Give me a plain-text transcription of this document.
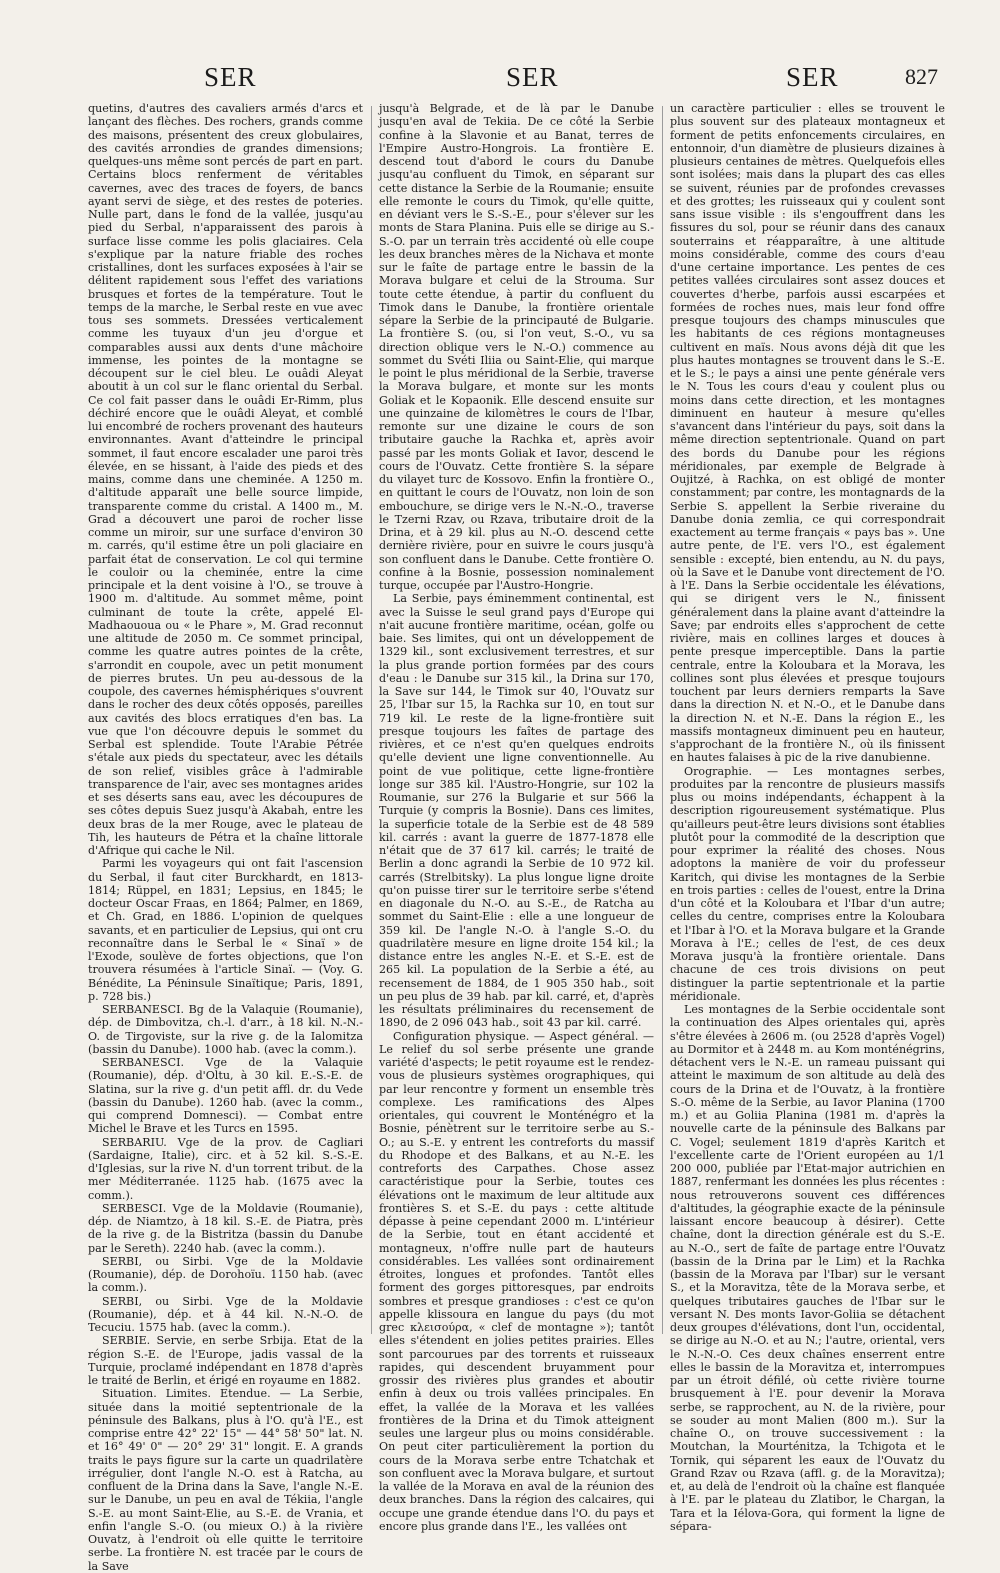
SER	SER	SER	827

quetins, d'autres des cavaliers armés d'arcs et lançant des flèches. Des rochers, grands comme des maisons, présentent des creux globulaires, des cavités arrondies de grandes dimensions; quelques-uns même sont percés de part en part. Certains blocs renferment de véritables cavernes, avec des traces de foyers, de bancs ayant servi de siège, et des restes de poteries. Nulle part, dans le fond de la vallée, jusqu'au pied du Serbal, n'apparaissent des parois à surface lisse comme les polis glaciaires. Cela s'explique par la nature friable des roches cristallines, dont les surfaces exposées à l'air se délitent rapidement sous l'effet des variations brusques et fortes de la température. Tout le temps de la marche, le Serbal reste en vue avec tous ses sommets. Dressées verticalement comme les tuyaux d'un jeu d'orgue et comparables aussi aux dents d'une mâchoire immense, les pointes de la montagne se découpent sur le ciel bleu. Le ouâdi Aleyat aboutit à un col sur le flanc oriental du Serbal. Ce col fait passer dans le ouâdi Er-Rimm, plus déchiré encore que le ouâdi Aleyat, et comblé lui encombré de rochers provenant des hauteurs environnantes. Avant d'atteindre le principal sommet, il faut encore escalader une paroi très élevée, en se hissant, à l'aide des pieds et des mains, comme dans une cheminée. A 1250 m. d'altitude apparaît une belle source limpide, transparente comme du cristal. A 1400 m., M. Grad a découvert une paroi de rocher lisse comme un miroir, sur une surface d'environ 30 m. carrés, qu'il estime être un poli glaciaire en parfait état de conservation. Le col qui termine le couloir ou la cheminée, entre la cime principale et la dent voisine à l'O., se trouve à 1900 m. d'altitude. Au sommet même, point culminant de toute la crête, appelé El-Madhaououa ou « le Phare », M. Grad reconnut une altitude de 2050 m. Ce sommet principal, comme les quatre autres pointes de la crête, s'arrondit en coupole, avec un petit monument de pierres brutes. Un peu au-dessous de la coupole, des cavernes hémisphériques s'ouvrent dans le rocher des deux côtés opposés, pareilles aux cavités des blocs erratiques d'en bas. La vue que l'on découvre depuis le sommet du Serbal est splendide. Toute l'Arabie Pétrée s'étale aux pieds du spectateur, avec les détails de son relief, visibles grâce à l'admirable transparence de l'air, avec ses montagnes arides et ses déserts sans eau, avec les découpures de ses côtes depuis Suez jusqu'à Akabah, entre les deux bras de la mer Rouge, avec le plateau de Tih, les hauteurs de Pétra et la chaîne littorale d'Afrique qui cache le Nil.

Parmi les voyageurs qui ont fait l'ascension du Serbal, il faut citer Burckhardt, en 1813-1814; Rüppel, en 1831; Lepsius, en 1845; le docteur Oscar Fraas, en 1864; Palmer, en 1869, et Ch. Grad, en 1886. L'opinion de quelques savants, et en particulier de Lepsius, qui ont cru reconnaître dans le Serbal le « Sinaï » de l'Exode, soulève de fortes objections, que l'on trouvera résumées à l'article Sinaï. — (Voy. G. Bénédite, La Péninsule Sinaïtique; Paris, 1891, p. 728 bis.)

SERBANESCI. Bg de la Valaquie (Roumanie), dép. de Dimbovitza, ch.-l. d'arr., à 18 kil. N.-N.-O. de Tirgoviste, sur la rive g. de la Ialomitza (bassin du Danube). 1000 hab. (avec la comm.).

SERBANESCI. Vge de la Valaquie (Roumanie), dép. d'Oltu, à 30 kil. E.-S.-E. de Slatina, sur la rive g. d'un petit affl. dr. du Vede (bassin du Danube). 1260 hab. (avec la comm., qui comprend Domnesci). — Combat entre Michel le Brave et les Turcs en 1595.

SERBARIU. Vge de la prov. de Cagliari (Sardaigne, Italie), circ. et à 52 kil. S.-S.-E. d'Iglesias, sur la rive N. d'un torrent tribut. de la mer Méditerranée. 1125 hab. (1675 avec la comm.).

SERBESCI. Vge de la Moldavie (Roumanie), dép. de Niamtzo, à 18 kil. S.-E. de Piatra, près de la rive g. de la Bistritza (bassin du Danube par le Sereth). 2240 hab. (avec la comm.).

SERBI, ou Sirbi. Vge de la Moldavie (Roumanie), dép. de Dorohoïu. 1150 hab. (avec la comm.).

SERBI, ou Sirbi. Vge de la Moldavie (Roumanie), dép. et à 44 kil. N.-N.-O. de Tecuciu. 1575 hab. (avec la comm.).

SERBIE. Servie, en serbe Srbija. Etat de la région S.-E. de l'Europe, jadis vassal de la Turquie, proclamé indépendant en 1878 d'après le traité de Berlin, et érigé en royaume en 1882.

Situation. Limites. Etendue. — La Serbie, située dans la moitié septentrionale de la péninsule des Balkans, plus à l'O. qu'à l'E., est comprise entre 42° 22' 15" — 44° 58' 50" lat. N. et 16° 49' 0" — 20° 29' 31" longit. E. A grands traits le pays figure sur la carte un quadrilatère irrégulier, dont l'angle N.-O. est à Ratcha, au confluent de la Drina dans la Save, l'angle N.-E. sur le Danube, un peu en aval de Tékiia, l'angle S.-E. au mont Saint-Elie, au S.-E. de Vrania, et enfin l'angle S.-O. (ou mieux O.) à la rivière Ouvatz, à l'endroit où elle quitte le territoire serbe. La frontière N. est tracée par le cours de la Save

jusqu'à Belgrade, et de là par le Danube jusqu'en aval de Tekiia. De ce côté la Serbie confine à la Slavonie et au Banat, terres de l'Empire Austro-Hongrois. La frontière E. descend tout d'abord le cours du Danube jusqu'au confluent du Timok, en séparant sur cette distance la Serbie de la Roumanie; ensuite elle remonte le cours du Timok, qu'elle quitte, en déviant vers le S.-S.-E., pour s'élever sur les monts de Stara Planina. Puis elle se dirige au S.-S.-O. par un terrain très accidenté où elle coupe les deux branches mères de la Nichava et monte sur le faîte de partage entre le bassin de la Morava bulgare et celui de la Strouma. Sur toute cette étendue, à partir du confluent du Timok dans le Danube, la frontière orientale sépare la Serbie de la principauté de Bulgarie. La frontière S. (ou, si l'on veut, S.-O., vu sa direction oblique vers le N.-O.) commence au sommet du Svéti Iliia ou Saint-Elie, qui marque le point le plus méridional de la Serbie, traverse la Morava bulgare, et monte sur les monts Goliak et le Kopaonik. Elle descend ensuite sur une quinzaine de kilomètres le cours de l'Ibar, remonte sur une dizaine le cours de son tributaire gauche la Rachka et, après avoir passé par les monts Goliak et Iavor, descend le cours de l'Ouvatz. Cette frontière S. la sépare du vilayet turc de Kossovo. Enfin la frontière O., en quittant le cours de l'Ouvatz, non loin de son embouchure, se dirige vers le N.-N.-O., traverse le Tzerni Rzav, ou Rzava, tributaire droit de la Drina, et à 29 kil. plus au N.-O. descend cette dernière rivière, pour en suivre le cours jusqu'à son confluent dans le Danube. Cette frontière O. confine à la Bosnie, possession nominalement turque, occupée par l'Austro-Hongrie.

La Serbie, pays éminemment continental, est avec la Suisse le seul grand pays d'Europe qui n'ait aucune frontière maritime, océan, golfe ou baie. Ses limites, qui ont un développement de 1329 kil., sont exclusivement terrestres, et sur la plus grande portion formées par des cours d'eau : le Danube sur 315 kil., la Drina sur 170, la Save sur 144, le Timok sur 40, l'Ouvatz sur 25, l'Ibar sur 15, la Rachka sur 10, en tout sur 719 kil. Le reste de la ligne-frontière suit presque toujours les faîtes de partage des rivières, et ce n'est qu'en quelques endroits qu'elle devient une ligne conventionnelle. Au point de vue politique, cette ligne-frontière longe sur 385 kil. l'Austro-Hongrie, sur 102 la Roumanie, sur 276 la Bulgarie et sur 566 la Turquie (y compris la Bosnie). Dans ces limites, la superficie totale de la Serbie est de 48 589 kil. carrés : avant la guerre de 1877-1878 elle n'était que de 37 617 kil. carrés; le traité de Berlin a donc agrandi la Serbie de 10 972 kil. carrés (Strelbitsky). La plus longue ligne droite qu'on puisse tirer sur le territoire serbe s'étend en diagonale du N.-O. au S.-E., de Ratcha au sommet du Saint-Elie : elle a une longueur de 359 kil. De l'angle N.-O. à l'angle S.-O. du quadrilatère mesure en ligne droite 154 kil.; la distance entre les angles N.-E. et S.-E. est de 265 kil. La population de la Serbie a été, au recensement de 1884, de 1 905 350 hab., soit un peu plus de 39 hab. par kil. carré, et, d'après les résultats préliminaires du recensement de 1890, de 2 096 043 hab., soit 43 par kil. carré.

Configuration physique. — Aspect général. — Le relief du sol serbe présente une grande variété d'aspects; le petit royaume est le rendez-vous de plusieurs systèmes orographiques, qui par leur rencontre y forment un ensemble très complexe. Les ramifications des Alpes orientales, qui couvrent le Monténégro et la Bosnie, pénètrent sur le territoire serbe au S.-O.; au S.-E. y entrent les contreforts du massif du Rhodope et des Balkans, et au N.-E. les contreforts des Carpathes. Chose assez caractéristique pour la Serbie, toutes ces élévations ont le maximum de leur altitude aux frontières S. et S.-E. du pays : cette altitude dépasse à peine cependant 2000 m. L'intérieur de la Serbie, tout en étant accidenté et montagneux, n'offre nulle part de hauteurs considérables. Les vallées sont ordinairement étroites, longues et profondes. Tantôt elles forment des gorges pittoresques, par endroits sombres et presque grandioses : c'est ce qu'on appelle klissoura en langue du pays (du mot grec κλεισούρα, « clef de montagne »); tantôt elles s'étendent en jolies petites prairies. Elles sont parcourues par des torrents et ruisseaux rapides, qui descendent bruyamment pour grossir des rivières plus grandes et aboutir enfin à deux ou trois vallées principales. En effet, la vallée de la Morava et les vallées frontières de la Drina et du Timok atteignent seules une largeur plus ou moins considérable. On peut citer particulièrement la portion du cours de la Morava serbe entre Tchatchak et son confluent avec la Morava bulgare, et surtout la vallée de la Morava en aval de la réunion des deux branches. Dans la région des calcaires, qui occupe une grande étendue dans l'O. du pays et encore plus grande dans l'E., les vallées ont

un caractère particulier : elles se trouvent le plus souvent sur des plateaux montagneux et forment de petits enfoncements circulaires, en entonnoir, d'un diamètre de plusieurs dizaines à plusieurs centaines de mètres. Quelquefois elles sont isolées; mais dans la plupart des cas elles se suivent, réunies par de profondes crevasses et des grottes; les ruisseaux qui y coulent sont sans issue visible : ils s'engouffrent dans les fissures du sol, pour se réunir dans des canaux souterrains et réapparaître, à une altitude moins considérable, comme des cours d'eau d'une certaine importance. Les pentes de ces petites vallées circulaires sont assez douces et couvertes d'herbe, parfois aussi escarpées et formées de roches nues, mais leur fond offre presque toujours des champs minuscules que les habitants de ces régions montagneuses cultivent en maïs. Nous avons déjà dit que les plus hautes montagnes se trouvent dans le S.-E. et le S.; le pays a ainsi une pente générale vers le N. Tous les cours d'eau y coulent plus ou moins dans cette direction, et les montagnes diminuent en hauteur à mesure qu'elles s'avancent dans l'intérieur du pays, soit dans la même direction septentrionale. Quand on part des bords du Danube pour les régions méridionales, par exemple de Belgrade à Oujitzé, à Rachka, on est obligé de monter constamment; par contre, les montagnards de la Serbie S. appellent la Serbie riveraine du Danube donia zemlia, ce qui correspondrait exactement au terme français « pays bas ». Une autre pente, de l'E. vers l'O., est également sensible : excepté, bien entendu, au N. du pays, où la Save et le Danube vont directement de l'O. à l'E. Dans la Serbie occidentale les élévations, qui se dirigent vers le N., finissent généralement dans la plaine avant d'atteindre la Save; par endroits elles s'approchent de cette rivière, mais en collines larges et douces à pente presque imperceptible. Dans la partie centrale, entre la Koloubara et la Morava, les collines sont plus élevées et presque toujours touchent par leurs derniers remparts la Save dans la direction N. et N.-O., et le Danube dans la direction N. et N.-E. Dans la région E., les massifs montagneux diminuent peu en hauteur, s'approchant de la frontière N., où ils finissent en hautes falaises à pic de la rive danubienne.

Orographie. — Les montagnes serbes, produites par la rencontre de plusieurs massifs plus ou moins indépendants, échappent à la description rigoureusement systématique. Plus qu'ailleurs peut-être leurs divisions sont établies plutôt pour la commodité de la description que pour exprimer la réalité des choses. Nous adoptons la manière de voir du professeur Karitch, qui divise les montagnes de la Serbie en trois parties : celles de l'ouest, entre la Drina d'un côté et la Koloubara et l'Ibar d'un autre; celles du centre, comprises entre la Koloubara et l'Ibar à l'O. et la Morava bulgare et la Grande Morava à l'E.; celles de l'est, de ces deux Morava jusqu'à la frontière orientale. Dans chacune de ces trois divisions on peut distinguer la partie septentrionale et la partie méridionale.

Les montagnes de la Serbie occidentale sont la continuation des Alpes orientales qui, après s'être élevées à 2606 m. (ou 2528 d'après Vogel) au Dormitor et à 2448 m. au Kom monténégrins, détachent vers le N.-E. un rameau puissant qui atteint le maximum de son altitude au delà des cours de la Drina et de l'Ouvatz, à la frontière S.-O. même de la Serbie, au Iavor Planina (1700 m.) et au Goliia Planina (1981 m. d'après la nouvelle carte de la péninsule des Balkans par C. Vogel; seulement 1819 d'après Karitch et l'excellente carte de l'Orient européen au 1/1 200 000, publiée par l'Etat-major autrichien en 1887, renfermant les données les plus récentes : nous retrouverons souvent ces différences d'altitudes, la géographie exacte de la péninsule laissant encore beaucoup à désirer). Cette chaîne, dont la direction générale est du S.-E. au N.-O., sert de faîte de partage entre l'Ouvatz (bassin de la Drina par le Lim) et la Rachka (bassin de la Morava par l'Ibar) sur le versant S., et la Moravitza, tête de la Morava serbe, et quelques tributaires gauches de l'Ibar sur le versant N. Des monts Iavor-Goliia se détachent deux groupes d'élévations, dont l'un, occidental, se dirige au N.-O. et au N.; l'autre, oriental, vers le N.-N.-O. Ces deux chaînes enserrent entre elles le bassin de la Moravitza et, interrompues par un étroit défilé, où cette rivière tourne brusquement à l'E. pour devenir la Morava serbe, se rapprochent, au N. de la rivière, pour se souder au mont Malien (800 m.). Sur la chaîne O., on trouve successivement : la Moutchan, la Mourténitza, la Tchigota et le Tornik, qui séparent les eaux de l'Ouvatz du Grand Rzav ou Rzava (affl. g. de la Moravitza); et, au delà de l'endroit où la chaîne est flanquée à l'E. par le plateau du Zlatibor, le Chargan, la Tara et la Iélova-Gora, qui forment la ligne de sépara-
